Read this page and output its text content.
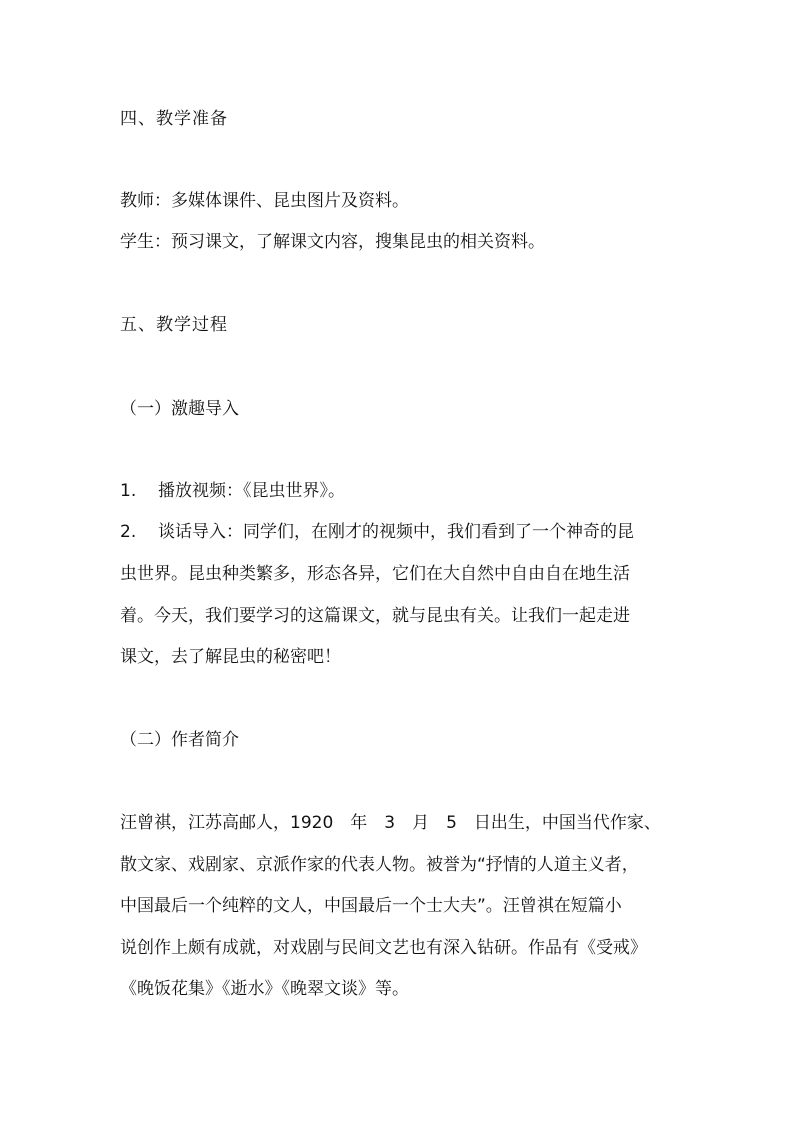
四、教学准备
教师：多媒体课件、昆虫图片及资料。
学生：预习课文，了解课文内容，搜集昆虫的相关资料。
五、教学过程
（一）激趣导入
1. 播放视频：《昆虫世界》。
2. 谈话导入：同学们，在刚才的视频中，我们看到了一个神奇的昆
虫世界。昆虫种类繁多，形态各异，它们在大自然中自由自在地生活
着。今天，我们要学习的这篇课文，就与昆虫有关。让我们一起走进
课文，去了解昆虫的秘密吧！
（二）作者简介
汪曾祺，江苏高邮人，1920　年　3　月　5　日出生，中国当代作家、
散文家、戏剧家、京派作家的代表人物。被誉为“抒情的人道主义者，
中国最后一个纯粹的文人，中国最后一个士大夫”。汪曾祺在短篇小
说创作上颇有成就，对戏剧与民间文艺也有深入钻研。作品有《受戒》
《晚饭花集》《逝水》《晚翠文谈》等。
